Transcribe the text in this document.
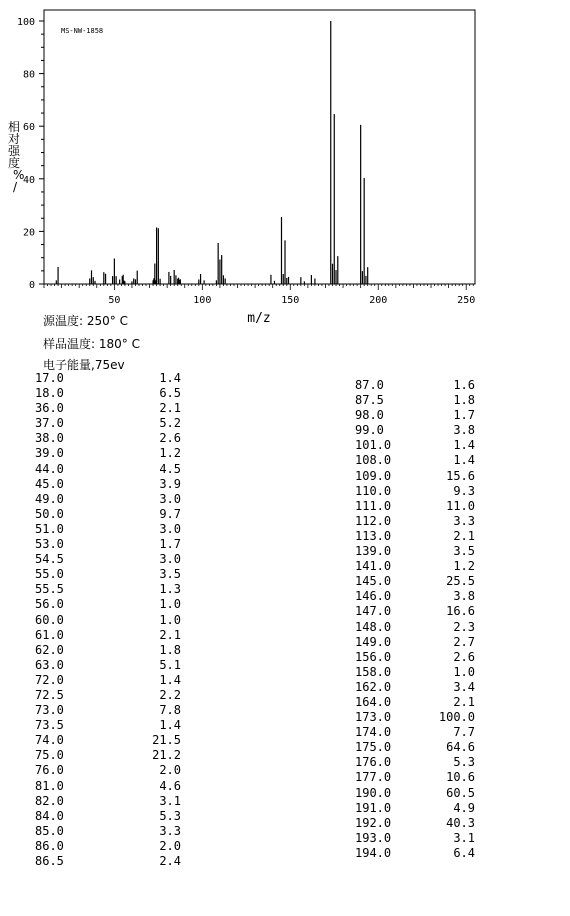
0
20
40
60
80
100
50	100	150	200	250
MS-NW-1858
m/z
相对强度% /
源温度: 250° C
样品温度: 180° C
电子能量,75ev
17.0	1.4
18.0	6.5
36.0	2.1
37.0	5.2
38.0	2.6
39.0	1.2
44.0	4.5
45.0	3.9
49.0	3.0
50.0	9.7
51.0	3.0
53.0	1.7
54.5	3.0
55.0	3.5
55.5	1.3
56.0	1.0
60.0	1.0
61.0	2.1
62.0	1.8
63.0	5.1
72.0	1.4
72.5	2.2
73.0	7.8
73.5	1.4
74.0	21.5
75.0	21.2
76.0	2.0
81.0	4.6
82.0	3.1
84.0	5.3
85.0	3.3
86.0	2.0
86.5	2.4
87.0	1.6
87.5	1.8
98.0	1.7
99.0	3.8
101.0	1.4
108.0	1.4
109.0	15.6
110.0	9.3
111.0	11.0
112.0	3.3
113.0	2.1
139.0	3.5
141.0	1.2
145.0	25.5
146.0	3.8
147.0	16.6
148.0	2.3
149.0	2.7
156.0	2.6
158.0	1.0
162.0	3.4
164.0	2.1
173.0	100.0
174.0	7.7
175.0	64.6
176.0	5.3
177.0	10.6
190.0	60.5
191.0	4.9
192.0	40.3
193.0	3.1
194.0	6.4
